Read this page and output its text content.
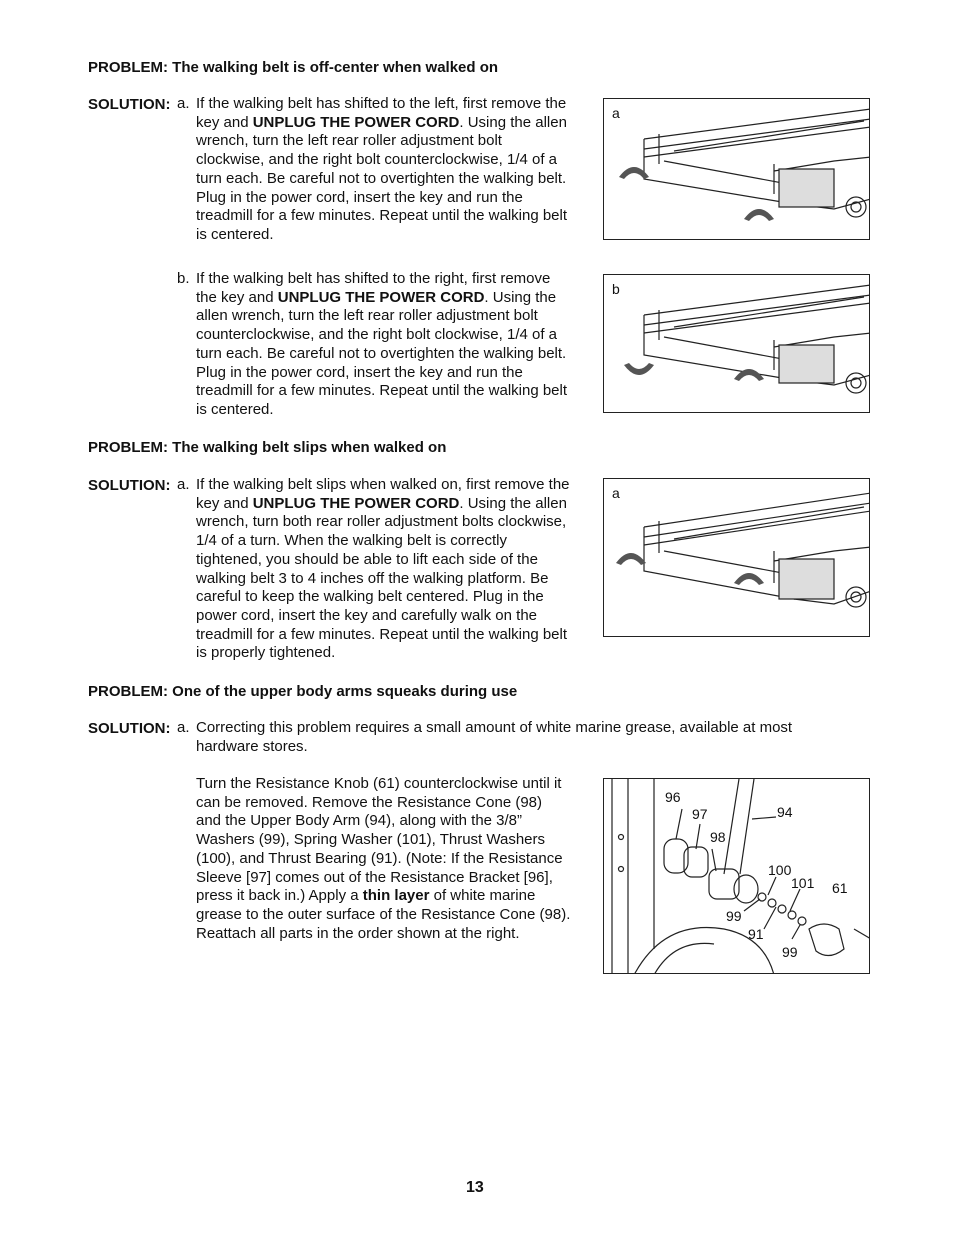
PROBLEM: The walking belt is off-center when walked on
SOLUTION: a. If the walking belt has shifted to the left, first remove the key and UNPLUG THE POWER CORD. Using the allen wrench, turn the left rear roller adjustment bolt clockwise, and the right bolt counterclockwise, 1/4 of a turn each. Be careful not to overtighten the walking belt. Plug in the power cord, insert the key and run the treadmill for a few minutes. Repeat until the walking belt is centered.
b. If the walking belt has shifted to the right, first remove the key and UNPLUG THE POWER CORD. Using the allen wrench, turn the left rear roller adjustment bolt counterclockwise, and the right bolt clockwise, 1/4 of a turn each. Be careful not to overtighten the walking belt. Plug in the power cord, insert the key and run the treadmill for a few minutes. Repeat until the walking belt is centered.
a
b
PROBLEM: The walking belt slips when walked on
SOLUTION: a. If the walking belt slips when walked on, first remove the key and UNPLUG THE POWER CORD. Using the allen wrench, turn both rear roller adjustment bolts clockwise, 1/4 of a turn. When the walking belt is correctly tightened, you should be able to lift each side of the walking belt 3 to 4 inches off the walking platform. Be careful to keep the walking belt centered. Plug in the power cord, insert the key and carefully walk on the treadmill for a few minutes. Repeat until the walking belt is properly tightened.
a
PROBLEM: One of the upper body arms squeaks during use
SOLUTION: a. Correcting this problem requires a small amount of white marine grease, available at most hardware stores.
Turn the Resistance Knob (61) counterclockwise until it can be removed. Remove the Resistance Cone (98) and the Upper Body Arm (94), along with the 3/8” Washers (99), Spring Washer (101), Thrust Washers (100), and Thrust Bearing (91). (Note: If the Resistance Sleeve [97] comes out of the Resistance Bracket [96], press it back in.) Apply a thin layer of white marine grease to the outer surface of the Resistance Cone (98). Reattach all parts in the order shown at the right.
96
97	94
98
100
101 61
99
91
99
13
